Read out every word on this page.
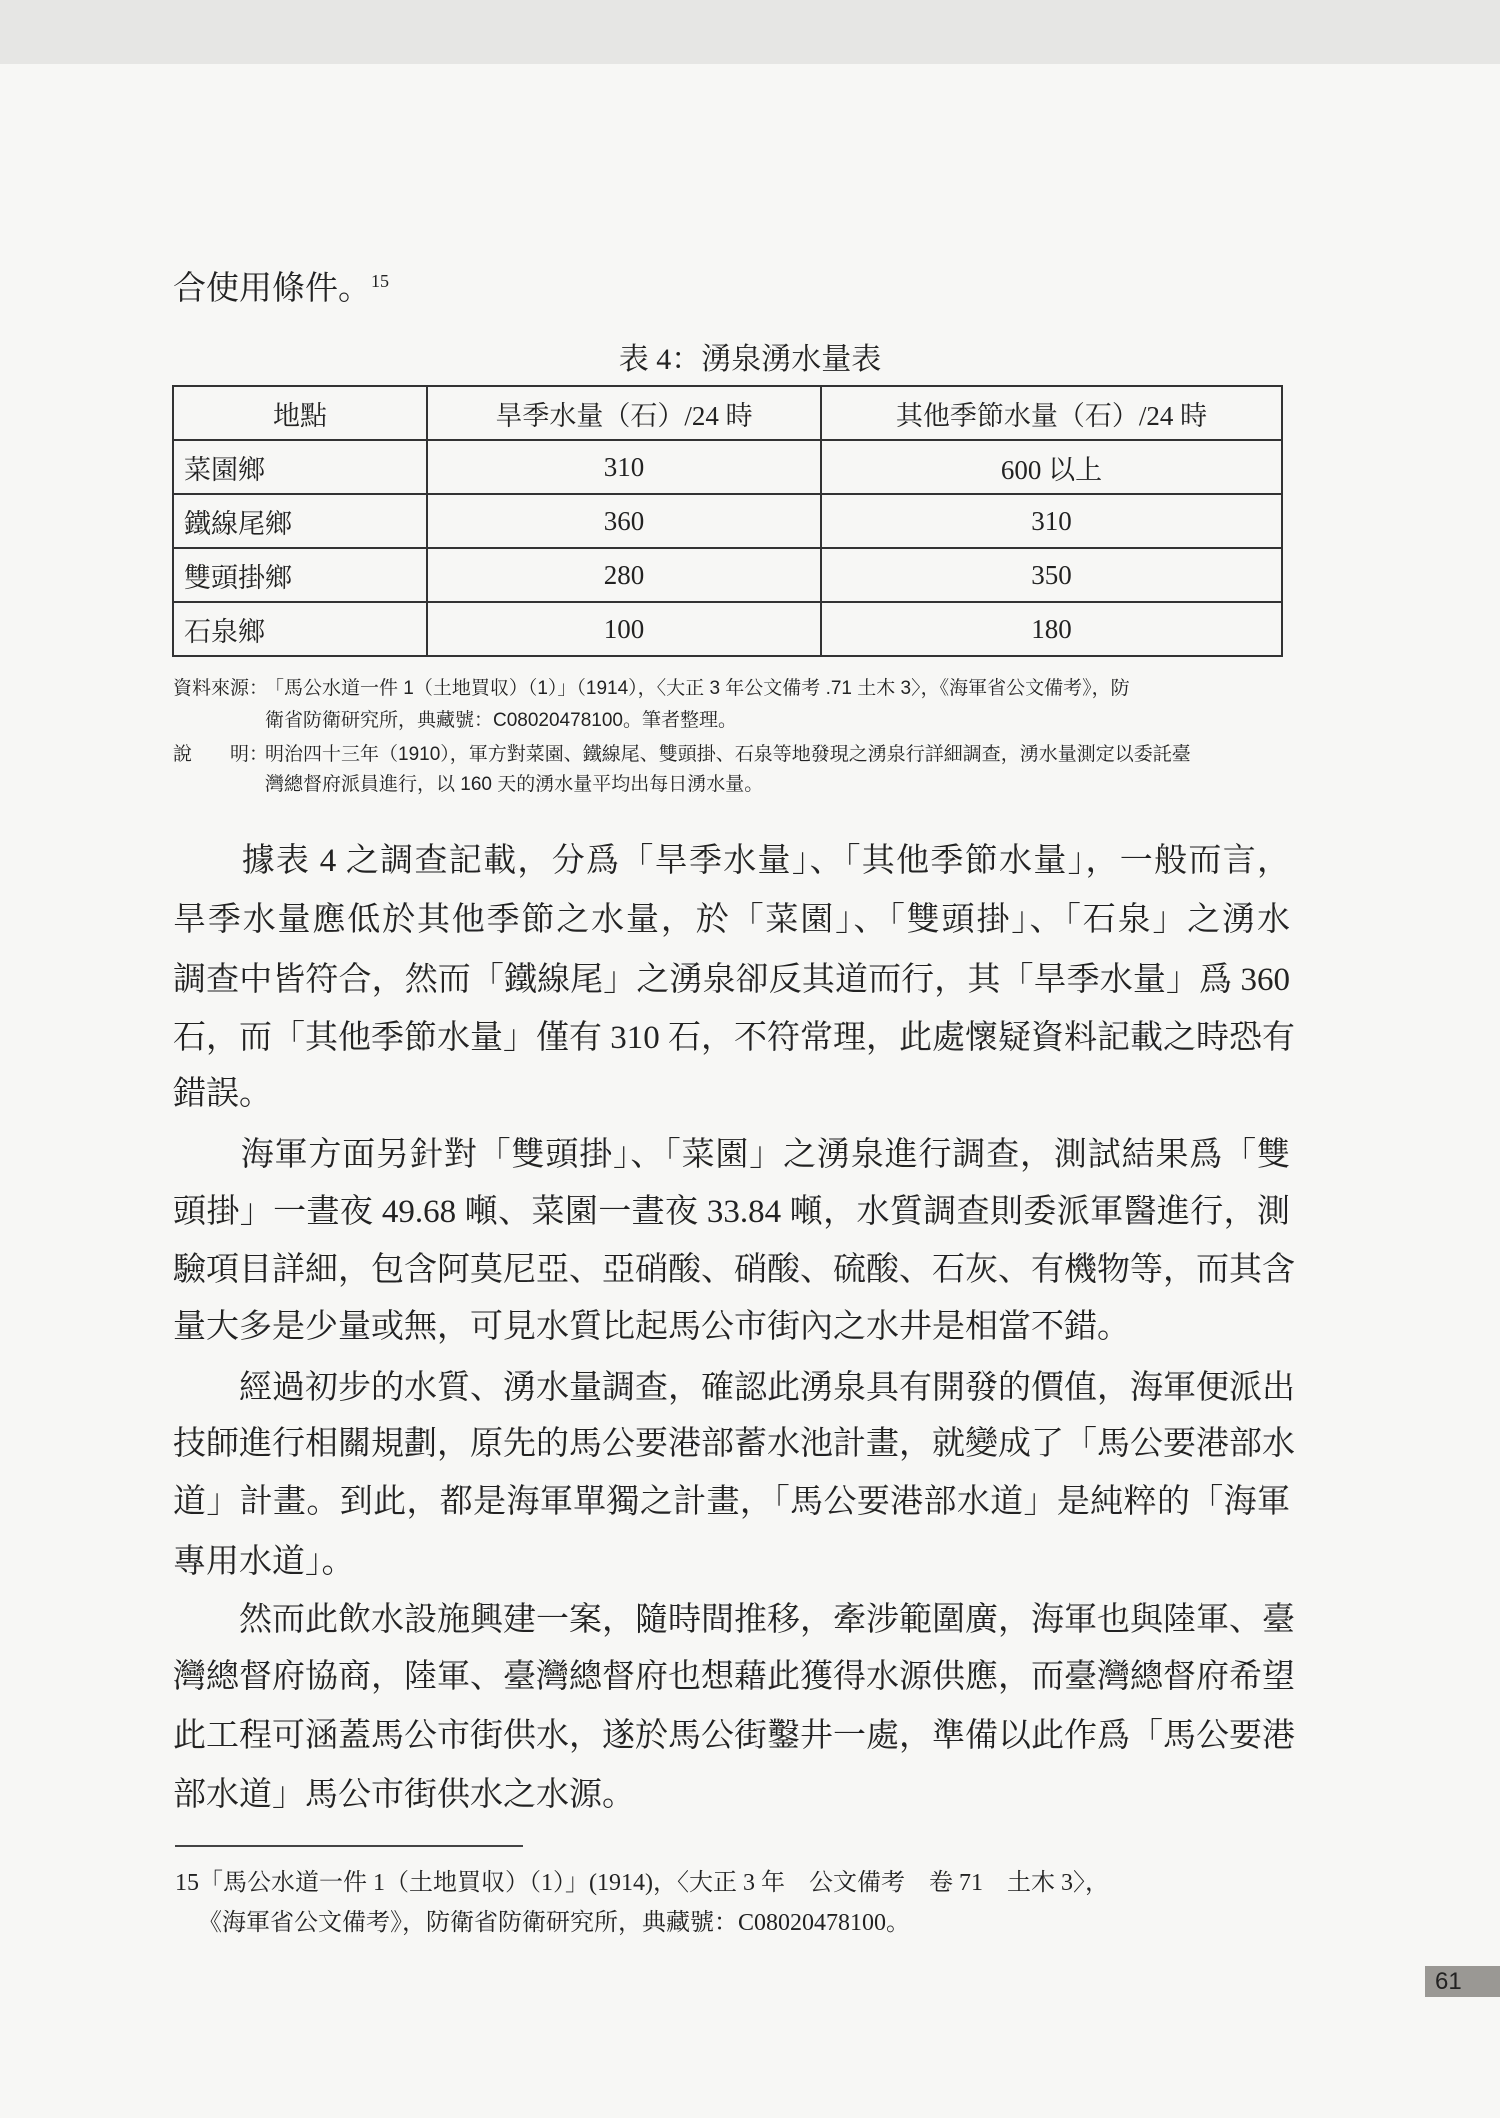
合使用條件。$^{15}$
表 4：湧泉湧水量表
地點	旱季水量（石）/24 時	其他季節水量（石）/24 時
菜園鄉	310	600 以上
鐵線尾鄉	360	310
雙頭掛鄉	280	350
石泉鄉	100	180
資料來源：
「馬公水道一件 1（土地買収）（1）」（1914），〈大正 3 年公文備考 .71 土木 3〉，《海軍省公文備考》，防
衛省防衛研究所，典藏號：C08020478100。筆者整理。
說　　明：
明治四十三年（1910），軍方對菜園、鐵線尾、雙頭掛、石泉等地發現之湧泉行詳細調查，湧水量測定以委託臺
灣總督府派員進行，以 160 天的湧水量平均出每日湧水量。
　　據表 4 之調查記載，分爲「旱季水量」、「其他季節水量」，一般而言，
旱季水量應低於其他季節之水量，於「菜園」、「雙頭掛」、「石泉」之湧水
調查中皆符合，然而「鐵線尾」之湧泉卻反其道而行，其「旱季水量」爲 360
石，而「其他季節水量」僅有 310 石，不符常理，此處懷疑資料記載之時恐有
錯誤。
　　海軍方面另針對「雙頭掛」、「菜園」之湧泉進行調查，測試結果爲「雙
頭掛」一晝夜 49.68 噸、菜園一晝夜 33.84 噸，水質調查則委派軍醫進行，測
驗項目詳細，包含阿莫尼亞、亞硝酸、硝酸、硫酸、石灰、有機物等，而其含
量大多是少量或無，可見水質比起馬公市街內之水井是相當不錯。
　　經過初步的水質、湧水量調查，確認此湧泉具有開發的價值，海軍便派出
技師進行相關規劃，原先的馬公要港部蓄水池計畫，就變成了「馬公要港部水
道」計畫。到此，都是海軍單獨之計畫，「馬公要港部水道」是純粹的「海軍
專用水道」。
　　然而此飲水設施興建一案，隨時間推移，牽涉範圍廣，海軍也與陸軍、臺
灣總督府協商，陸軍、臺灣總督府也想藉此獲得水源供應，而臺灣總督府希望
此工程可涵蓋馬公市街供水，遂於馬公街鑿井一處，準備以此作爲「馬公要港
部水道」馬公市街供水之水源。
15「馬公水道一件 1（土地買収）（1）」(1914)，〈大正 3 年　公文備考　卷 71　土木 3〉，
《海軍省公文備考》，防衛省防衛研究所，典藏號：C08020478100。
61
